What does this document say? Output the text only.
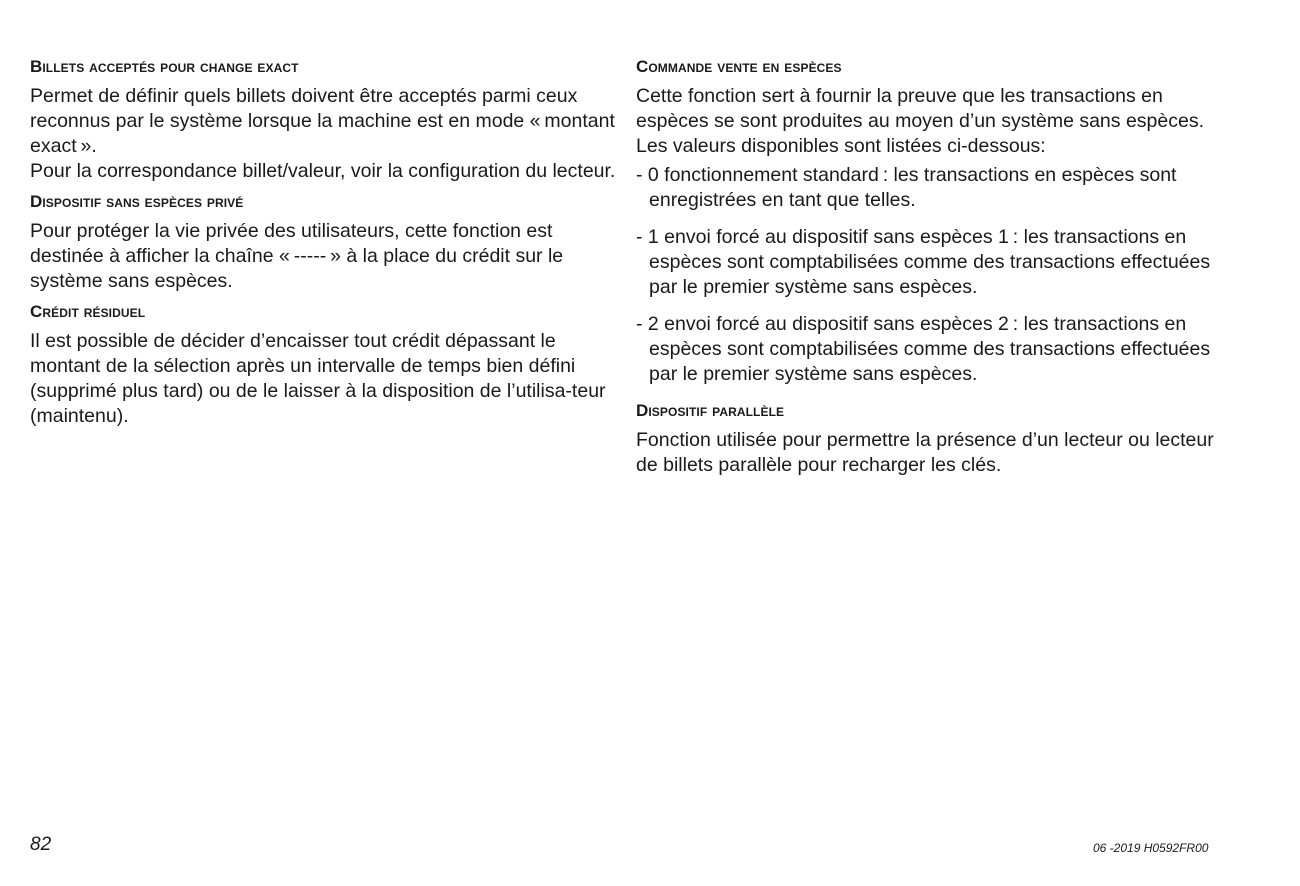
Billets acceptés pour change exact

Permet de définir quels billets doivent être acceptés parmi ceux reconnus par le système lorsque la machine est en mode « montant exact ».

Pour la correspondance billet/valeur, voir la configuration du lecteur.

Dispositif sans espèces privé

Pour protéger la vie privée des utilisateurs, cette fonction est destinée à afficher la chaîne « ----- » à la place du crédit sur le système sans espèces.

Crédit résiduel

Il est possible de décider d’encaisser tout crédit dépassant le montant de la sélection après un intervalle de temps bien défini (supprimé plus tard) ou de le laisser à la disposition de l’utilisa-teur (maintenu).

Commande vente en espèces

Cette fonction sert à fournir la preuve que les transactions en espèces se sont produites au moyen d’un système sans espèces.

Les valeurs disponibles sont listées ci-dessous:

- 0 fonctionnement standard : les transactions en espèces sont enregistrées en tant que telles.
- 1 envoi forcé au dispositif sans espèces 1 : les transactions en espèces sont comptabilisées comme des transactions effectuées par le premier système sans espèces.
- 2 envoi forcé au dispositif sans espèces 2 : les transactions en espèces sont comptabilisées comme des transactions effectuées par le premier système sans espèces.
Dispositif parallèle

Fonction utilisée pour permettre la présence d’un lecteur ou lecteur de billets parallèle pour recharger les clés.

82	06 -2019 H0592FR00
